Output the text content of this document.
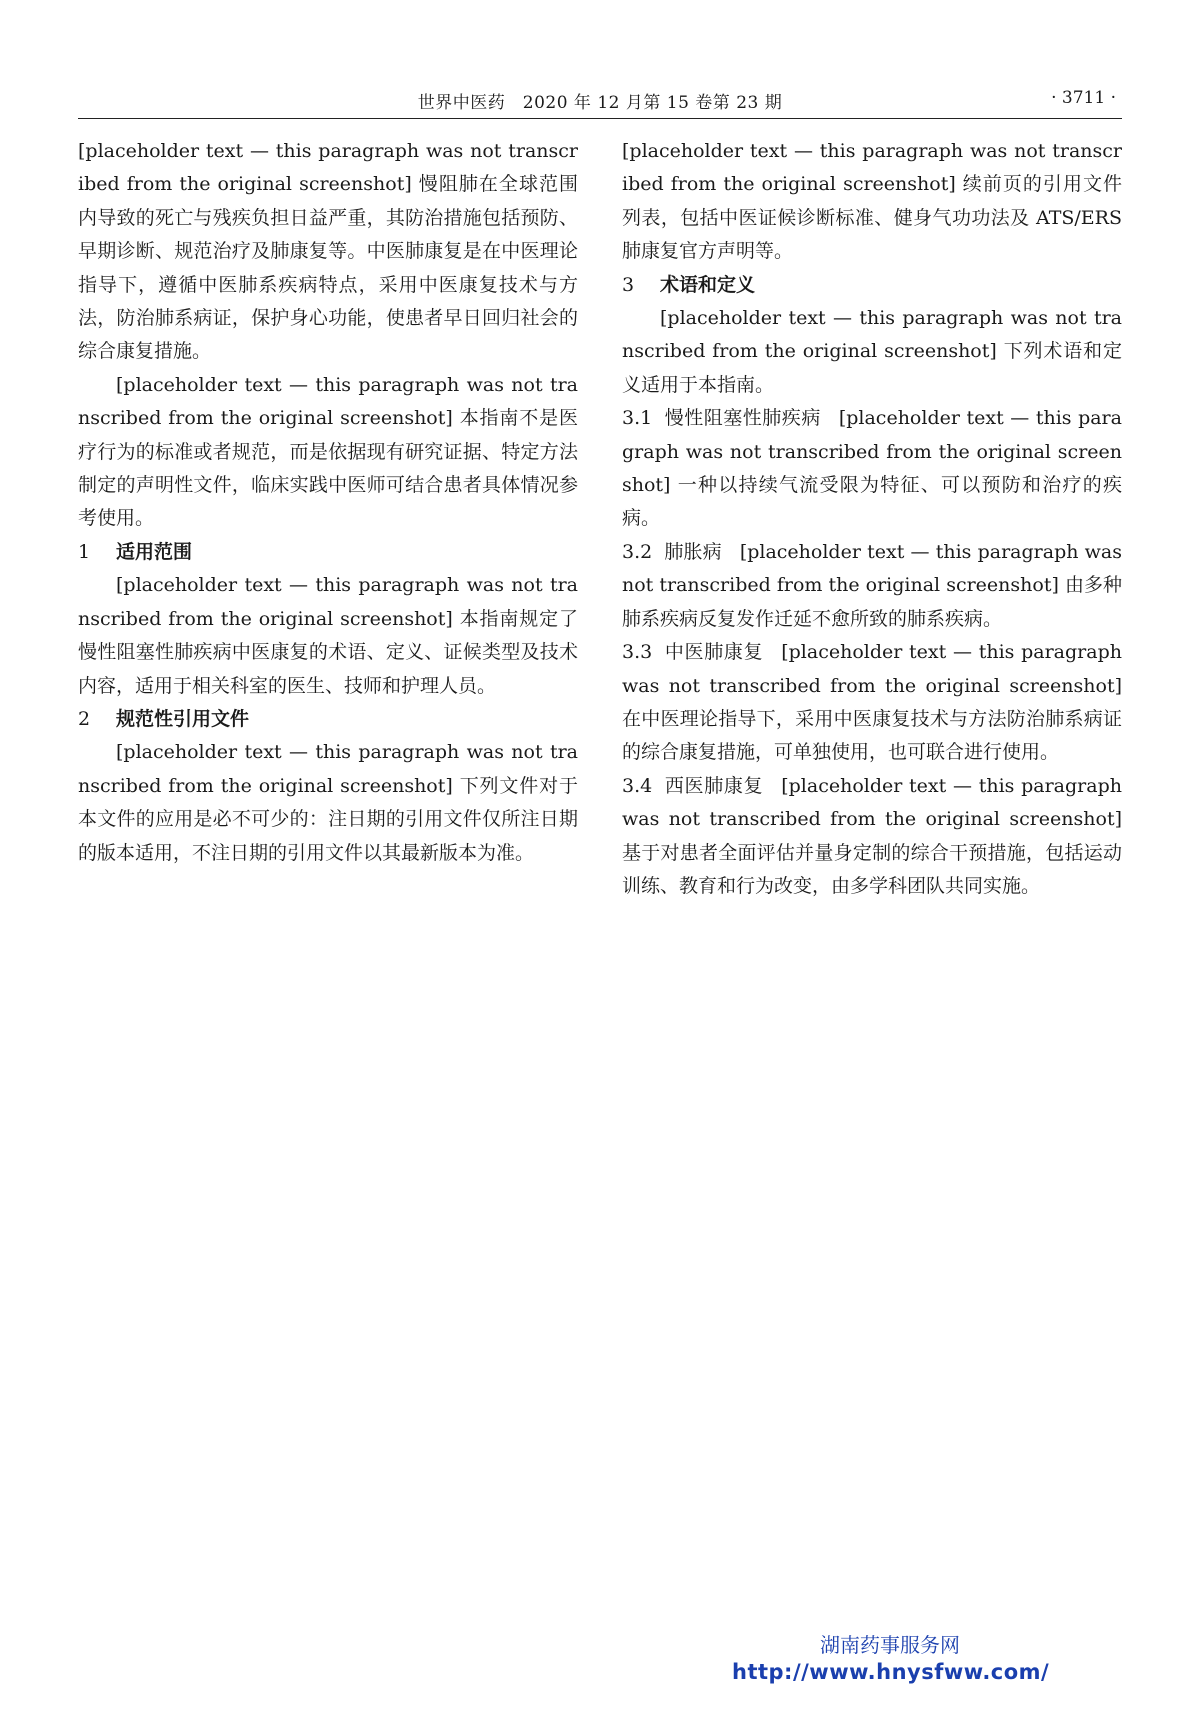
世界中医药　2020 年 12 月第 15 卷第 23 期	· 3711 ·

[placeholder text — this paragraph was not transcribed from the original screenshot] 慢阻肺在全球范围内导致的死亡与残疾负担日益严重，其防治措施包括预防、早期诊断、规范治疗及肺康复等。中医肺康复是在中医理论指导下，遵循中医肺系疾病特点，采用中医康复技术与方法，防治肺系病证，保护身心功能，使患者早日回归社会的综合康复措施。

[placeholder text — this paragraph was not transcribed from the original screenshot] 本指南不是医疗行为的标准或者规范，而是依据现有研究证据、特定方法制定的声明性文件，临床实践中医师可结合患者具体情况参考使用。

1 适用范围

[placeholder text — this paragraph was not transcribed from the original screenshot] 本指南规定了慢性阻塞性肺疾病中医康复的术语、定义、证候类型及技术内容，适用于相关科室的医生、技师和护理人员。

2 规范性引用文件

[placeholder text — this paragraph was not transcribed from the original screenshot] 下列文件对于本文件的应用是必不可少的：注日期的引用文件仅所注日期的版本适用，不注日期的引用文件以其最新版本为准。

[placeholder text — this paragraph was not transcribed from the original screenshot] 续前页的引用文件列表，包括中医证候诊断标准、健身气功功法及 ATS/ERS 肺康复官方声明等。

3 术语和定义

[placeholder text — this paragraph was not transcribed from the original screenshot] 下列术语和定义适用于本指南。

3.1 慢性阻塞性肺疾病 [placeholder text — this paragraph was not transcribed from the original screenshot] 一种以持续气流受限为特征、可以预防和治疗的疾病。

3.2 肺胀病 [placeholder text — this paragraph was not transcribed from the original screenshot] 由多种肺系疾病反复发作迁延不愈所致的肺系疾病。

3.3 中医肺康复 [placeholder text — this paragraph was not transcribed from the original screenshot] 在中医理论指导下，采用中医康复技术与方法防治肺系病证的综合康复措施，可单独使用，也可联合进行使用。

3.4 西医肺康复 [placeholder text — this paragraph was not transcribed from the original screenshot] 基于对患者全面评估并量身定制的综合干预措施，包括运动训练、教育和行为改变，由多学科团队共同实施。

湖南药事服务网
http://www.hnysfww.com/
